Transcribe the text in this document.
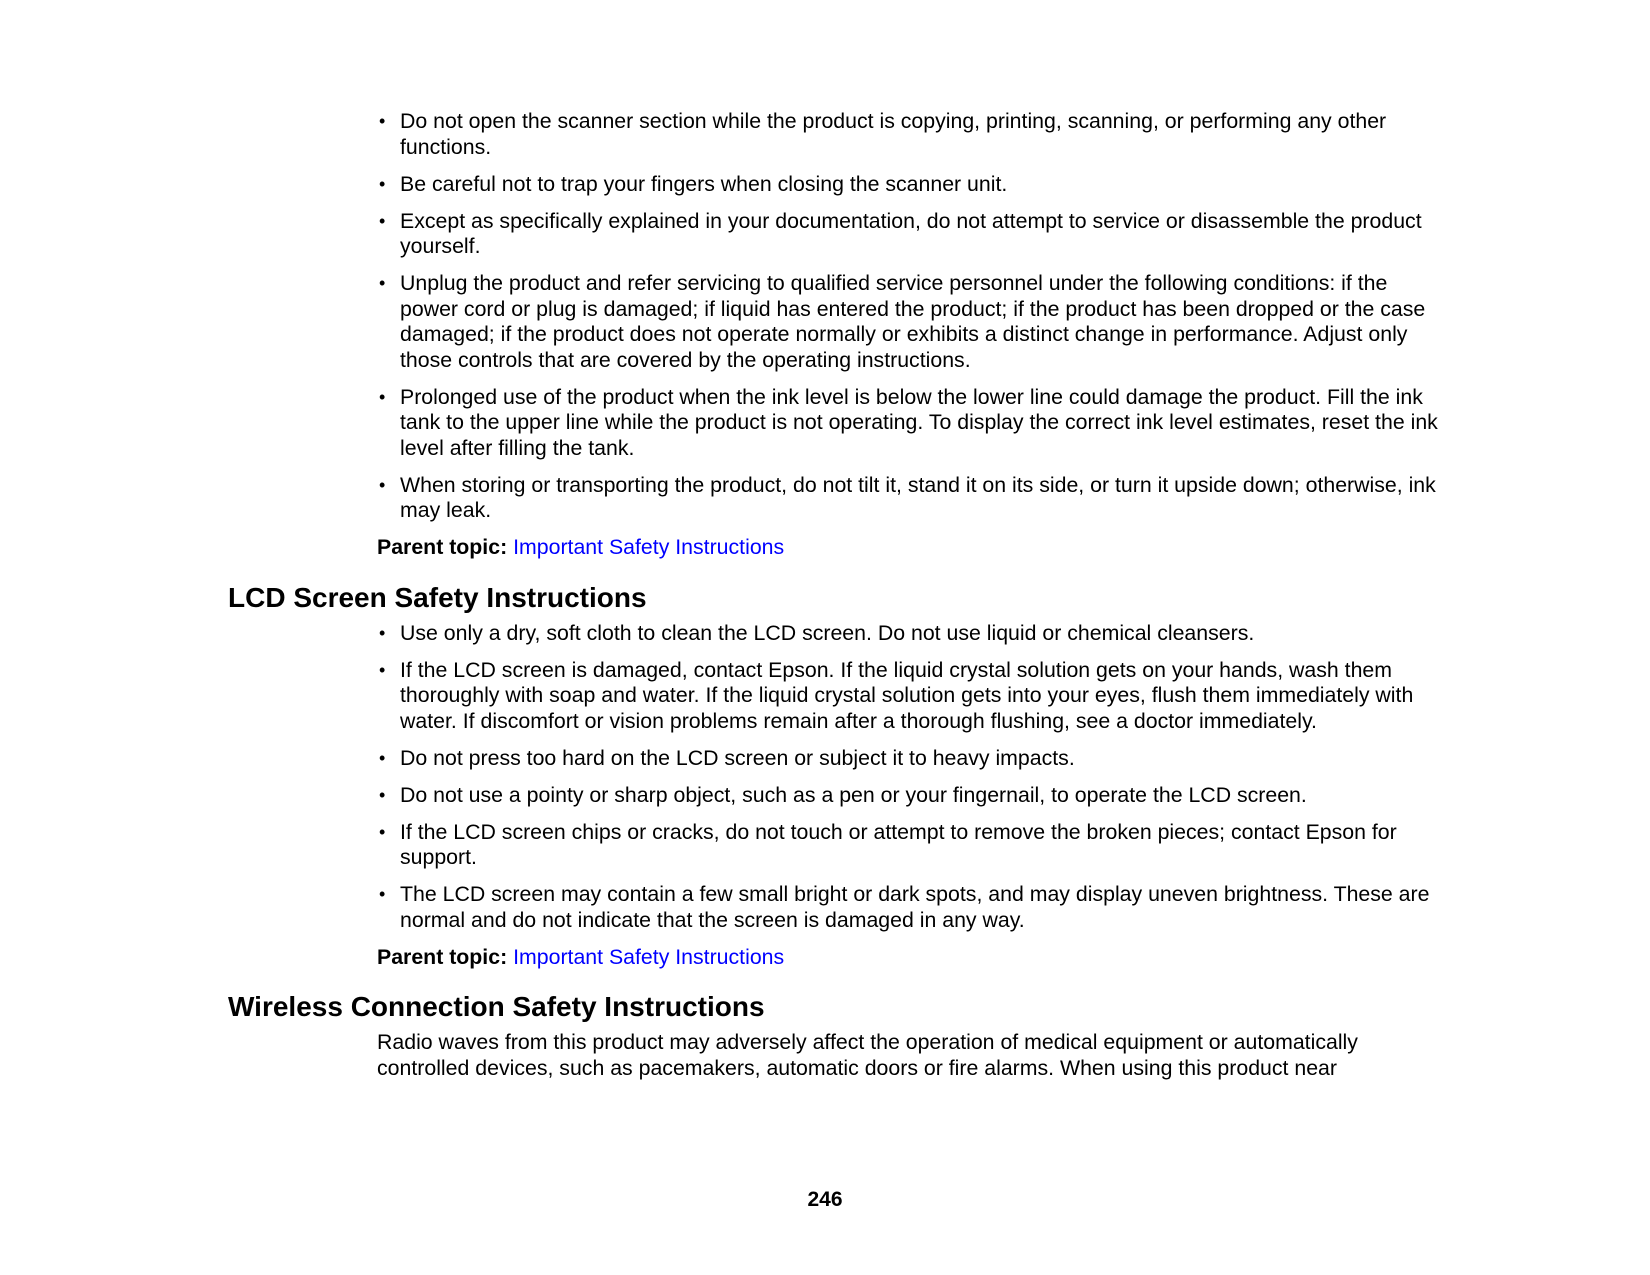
• Do not open the scanner section while the product is copying, printing, scanning, or performing any other functions.
• Be careful not to trap your fingers when closing the scanner unit.
• Except as specifically explained in your documentation, do not attempt to service or disassemble the product yourself.
• Unplug the product and refer servicing to qualified service personnel under the following conditions: if the power cord or plug is damaged; if liquid has entered the product; if the product has been dropped or the case damaged; if the product does not operate normally or exhibits a distinct change in performance. Adjust only those controls that are covered by the operating instructions.
• Prolonged use of the product when the ink level is below the lower line could damage the product. Fill the ink tank to the upper line while the product is not operating. To display the correct ink level estimates, reset the ink level after filling the tank.
• When storing or transporting the product, do not tilt it, stand it on its side, or turn it upside down; otherwise, ink may leak.

Parent topic: Important Safety Instructions

LCD Screen Safety Instructions
• Use only a dry, soft cloth to clean the LCD screen. Do not use liquid or chemical cleansers.
• If the LCD screen is damaged, contact Epson. If the liquid crystal solution gets on your hands, wash them thoroughly with soap and water. If the liquid crystal solution gets into your eyes, flush them immediately with water. If discomfort or vision problems remain after a thorough flushing, see a doctor immediately.
• Do not press too hard on the LCD screen or subject it to heavy impacts.
• Do not use a pointy or sharp object, such as a pen or your fingernail, to operate the LCD screen.
• If the LCD screen chips or cracks, do not touch or attempt to remove the broken pieces; contact Epson for support.
• The LCD screen may contain a few small bright or dark spots, and may display uneven brightness. These are normal and do not indicate that the screen is damaged in any way.

Parent topic: Important Safety Instructions

Wireless Connection Safety Instructions

Radio waves from this product may adversely affect the operation of medical equipment or automatically controlled devices, such as pacemakers, automatic doors or fire alarms. When using this product near

246
